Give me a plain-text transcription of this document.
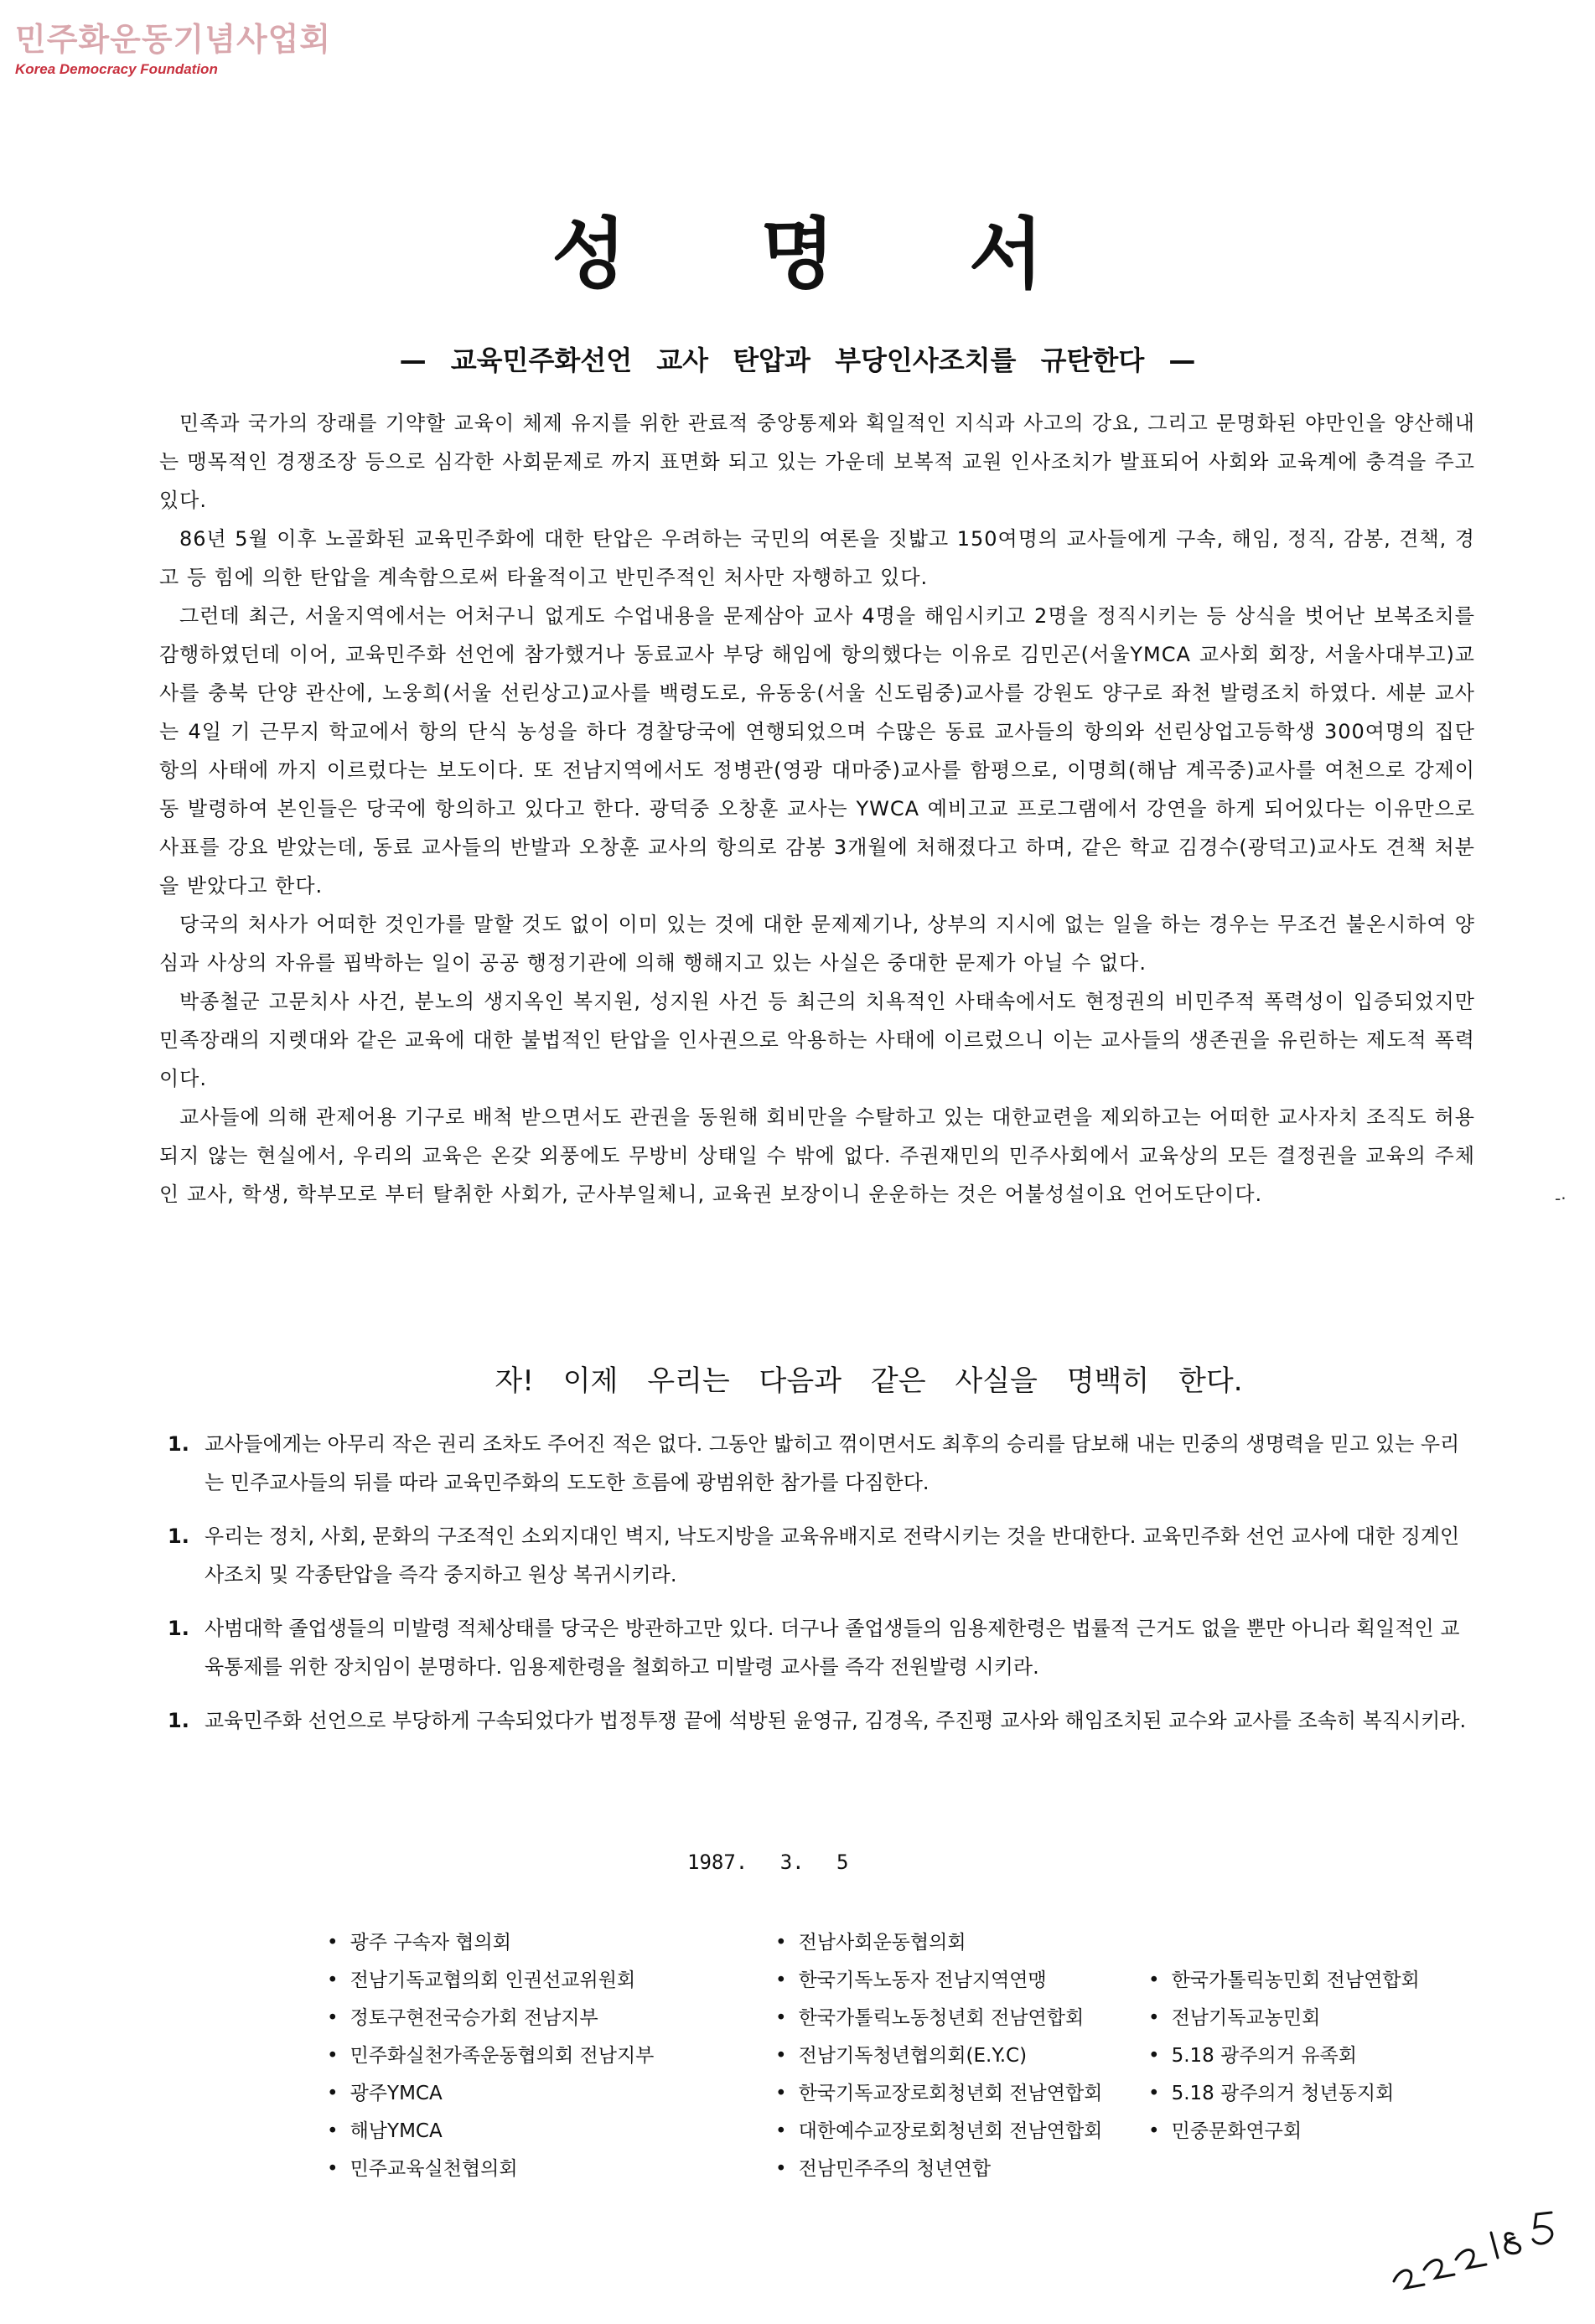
민주화운동기념사업회
Korea Democracy Foundation
성명서
— 교육민주화선언 교사 탄압과 부당인사조치를 규탄한다 —

민족과 국가의 장래를 기약할 교육이 체제 유지를 위한 관료적 중앙통제와 획일적인 지식과 사고의 강요, 그리고 문명화된 야만인을 양산해내는 맹목적인 경쟁조장 등으로 심각한 사회문제로 까지 표면화 되고 있는 가운데 보복적 교원 인사조치가 발표되어 사회와 교육계에 충격을 주고 있다.

86년 5월 이후 노골화된 교육민주화에 대한 탄압은 우려하는 국민의 여론을 짓밟고 150여명의 교사들에게 구속, 해임, 정직, 감봉, 견책, 경고 등 힘에 의한 탄압을 계속함으로써 타율적이고 반민주적인 처사만 자행하고 있다.

그런데 최근, 서울지역에서는 어처구니 없게도 수업내용을 문제삼아 교사 4명을 해임시키고 2명을 정직시키는 등 상식을 벗어난 보복조치를 감행하였던데 이어, 교육민주화 선언에 참가했거나 동료교사 부당 해임에 항의했다는 이유로 김민곤(서울YMCA 교사회 회장, 서울사대부고)교사를 충북 단양 관산에, 노웅희(서울 선린상고)교사를 백령도로, 유동웅(서울 신도림중)교사를 강원도 양구로 좌천 발령조치 하였다. 세분 교사는 4일 기 근무지 학교에서 항의 단식 농성을 하다 경찰당국에 연행되었으며 수많은 동료 교사들의 항의와 선린상업고등학생 300여명의 집단 항의 사태에 까지 이르렀다는 보도이다. 또 전남지역에서도 정병관(영광 대마중)교사를 함평으로, 이명희(해남 계곡중)교사를 여천으로 강제이동 발령하여 본인들은 당국에 항의하고 있다고 한다. 광덕중 오창훈 교사는 YWCA 예비고교 프로그램에서 강연을 하게 되어있다는 이유만으로 사표를 강요 받았는데, 동료 교사들의 반발과 오창훈 교사의 항의로 감봉 3개월에 처해졌다고 하며, 같은 학교 김경수(광덕고)교사도 견책 처분을 받았다고 한다.

당국의 처사가 어떠한 것인가를 말할 것도 없이 이미 있는 것에 대한 문제제기나, 상부의 지시에 없는 일을 하는 경우는 무조건 불온시하여 양심과 사상의 자유를 핍박하는 일이 공공 행정기관에 의해 행해지고 있는 사실은 중대한 문제가 아닐 수 없다.

박종철군 고문치사 사건, 분노의 생지옥인 복지원, 성지원 사건 등 최근의 치욕적인 사태속에서도 현정권의 비민주적 폭력성이 입증되었지만 민족장래의 지렛대와 같은 교육에 대한 불법적인 탄압을 인사권으로 악용하는 사태에 이르렀으니 이는 교사들의 생존권을 유린하는 제도적 폭력이다.

교사들에 의해 관제어용 기구로 배척 받으면서도 관권을 동원해 회비만을 수탈하고 있는 대한교련을 제외하고는 어떠한 교사자치 조직도 허용되지 않는 현실에서, 우리의 교육은 온갖 외풍에도 무방비 상태일 수 밖에 없다. 주권재민의 민주사회에서 교육상의 모든 결정권을 교육의 주체인 교사, 학생, 학부모로 부터 탈취한 사회가, 군사부일체니, 교육권 보장이니 운운하는 것은 어불성설이요 언어도단이다.	-·
자! 이제 우리는 다음과 같은 사실을 명백히 한다.
1. 교사들에게는 아무리 작은 권리 조차도 주어진 적은 없다. 그동안 밟히고 꺾이면서도 최후의 승리를 담보해 내는 민중의 생명력을 믿고 있는 우리는 민주교사들의 뒤를 따라 교육민주화의 도도한 흐름에 광범위한 참가를 다짐한다.
1. 우리는 정치, 사회, 문화의 구조적인 소외지대인 벽지, 낙도지방을 교육유배지로 전락시키는 것을 반대한다. 교육민주화 선언 교사에 대한 징계인사조치 및 각종탄압을 즉각 중지하고 원상 복귀시키라.
1. 사범대학 졸업생들의 미발령 적체상태를 당국은 방관하고만 있다. 더구나 졸업생들의 임용제한령은 법률적 근거도 없을 뿐만 아니라 획일적인 교육통제를 위한 장치임이 분명하다. 임용제한령을 철회하고 미발령 교사를 즉각 전원발령 시키라.
1. 교육민주화 선언으로 부당하게 구속되었다가 법정투쟁 끝에 석방된 윤영규, 김경옥, 주진평 교사와 해임조치된 교수와 교사를 조속히 복직시키라.
1987. 3. 5
• 광주 구속자 협의회
• 전남기독교협의회 인권선교위원회
• 정토구현전국승가회 전남지부
• 민주화실천가족운동협의회 전남지부
• 광주YMCA
• 해남YMCA
• 민주교육실천협의회
• 전남사회운동협의회
• 한국기독노동자 전남지역연맹
• 한국가톨릭노동청년회 전남연합회
• 전남기독청년협의회(E.Y.C)
• 한국기독교장로회청년회 전남연합회
• 대한예수교장로회청년회 전남연합회
• 전남민주주의 청년연합
• 한국가톨릭농민회 전남연합회
• 전남기독교농민회
• 5.18 광주의거 유족회
• 5.18 광주의거 청년동지회
• 민중문화연구회
